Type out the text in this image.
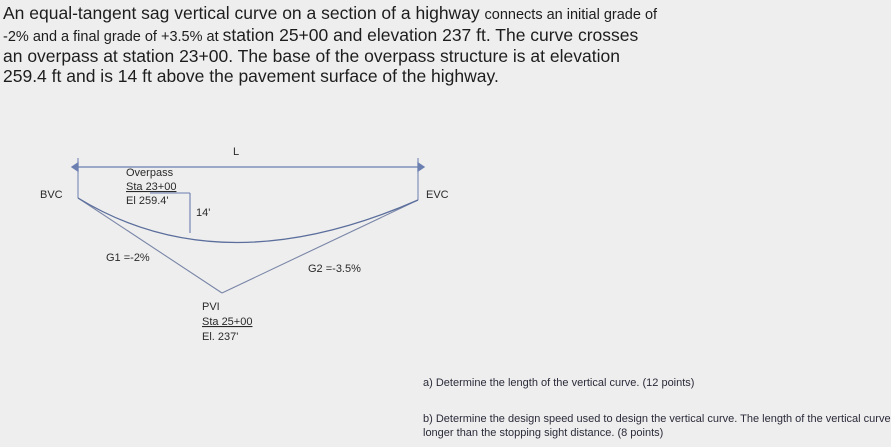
An equal-tangent sag vertical curve on a section of a highway connects an initial grade of
-2% and a final grade of +3.5% at station 25+00 and elevation 237 ft. The curve crosses
an overpass at station 23+00. The base of the overpass structure is at elevation
259.4 ft and is 14 ft above the pavement surface of the highway.
L
BVC	EVC
Overpass
Sta 23+00
El 259.4'
14'
G1 =-2%
G2 =-3.5%
PVI
Sta 25+00
El. 237'
a) Determine the length of the vertical curve. (12 points)
b) Determine the design speed used to design the vertical curve. The length of the vertical curve
longer than the stopping sight distance. (8 points)
